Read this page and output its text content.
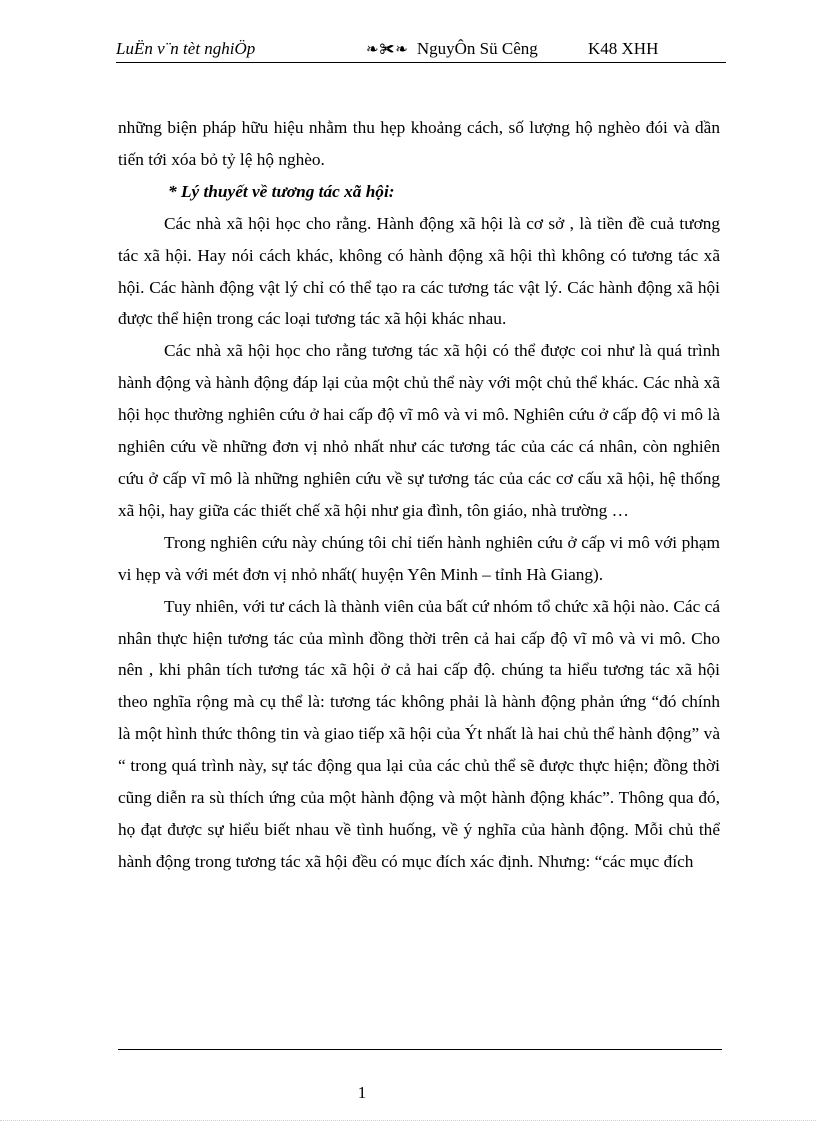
LuËn v¨n tèt nghiÖp	❧✀❧ NguyÔn Sü Cêng	K48 XHH

những biện pháp hữu hiệu nhằm thu hẹp khoảng cách, số lượng hộ nghèo đói và dần tiến tới xóa bỏ tỷ lệ hộ nghèo.

* Lý thuyết về tương tác xã hội:

Các nhà xã hội học cho rằng. Hành động xã hội là cơ sở , là tiền đề cuả tương tác xã hội. Hay nói cách khác, không có hành động xã hội thì không có tương tác xã hội. Các hành động vật lý chỉ có thể tạo ra các tương tác vật lý. Các hành động xã hội được thể hiện trong các loại tương tác xã hội khác nhau.

Các nhà xã hội học cho rằng tương tác xã hội có thể được coi như là quá trình hành động và hành động đáp lại của một chủ thể này với một chủ thể khác. Các nhà xã hội học thường nghiên cứu ở hai cấp độ vĩ mô và vi mô. Nghiên cứu ở cấp độ vi mô là nghiên cứu về những đơn vị nhỏ nhất như các tương tác của các cá nhân, còn nghiên cứu ở cấp vĩ mô là những nghiên cứu về sự tương tác của các cơ cấu xã hội, hệ thống xã hội, hay giữa các thiết chế xã hội như gia đình, tôn giáo, nhà trường …

Trong nghiên cứu này chúng tôi chỉ tiến hành nghiên cứu ở cấp vi mô với phạm vi hẹp và với mét đơn vị nhỏ nhất( huyện Yên Minh – tỉnh Hà Giang).

Tuy nhiên, với tư cách là thành viên của bất cứ nhóm tổ chức xã hội nào. Các cá nhân thực hiện tương tác của mình đồng thời trên cả hai cấp độ vĩ mô và vi mô. Cho nên , khi phân tích tương tác xã hội ở cả hai cấp độ. chúng ta hiểu tương tác xã hội theo nghĩa rộng mà cụ thể là: tương tác không phải là hành động phản ứng “đó chính là một hình thức thông tin và giao tiếp xã hội của Ýt nhất là hai chủ thể hành động” và “ trong quá trình này, sự tác động qua lại của các chủ thể sẽ được thực hiện; đồng thời cũng diễn ra sù thích ứng của một hành động và một hành động khác”. Thông qua đó, họ đạt được sự hiểu biết nhau về tình huống, về ý nghĩa của hành động. Mỗi chủ thể hành động trong tương tác xã hội đều có mục đích xác định. Nhưng: “các mục đích

1
